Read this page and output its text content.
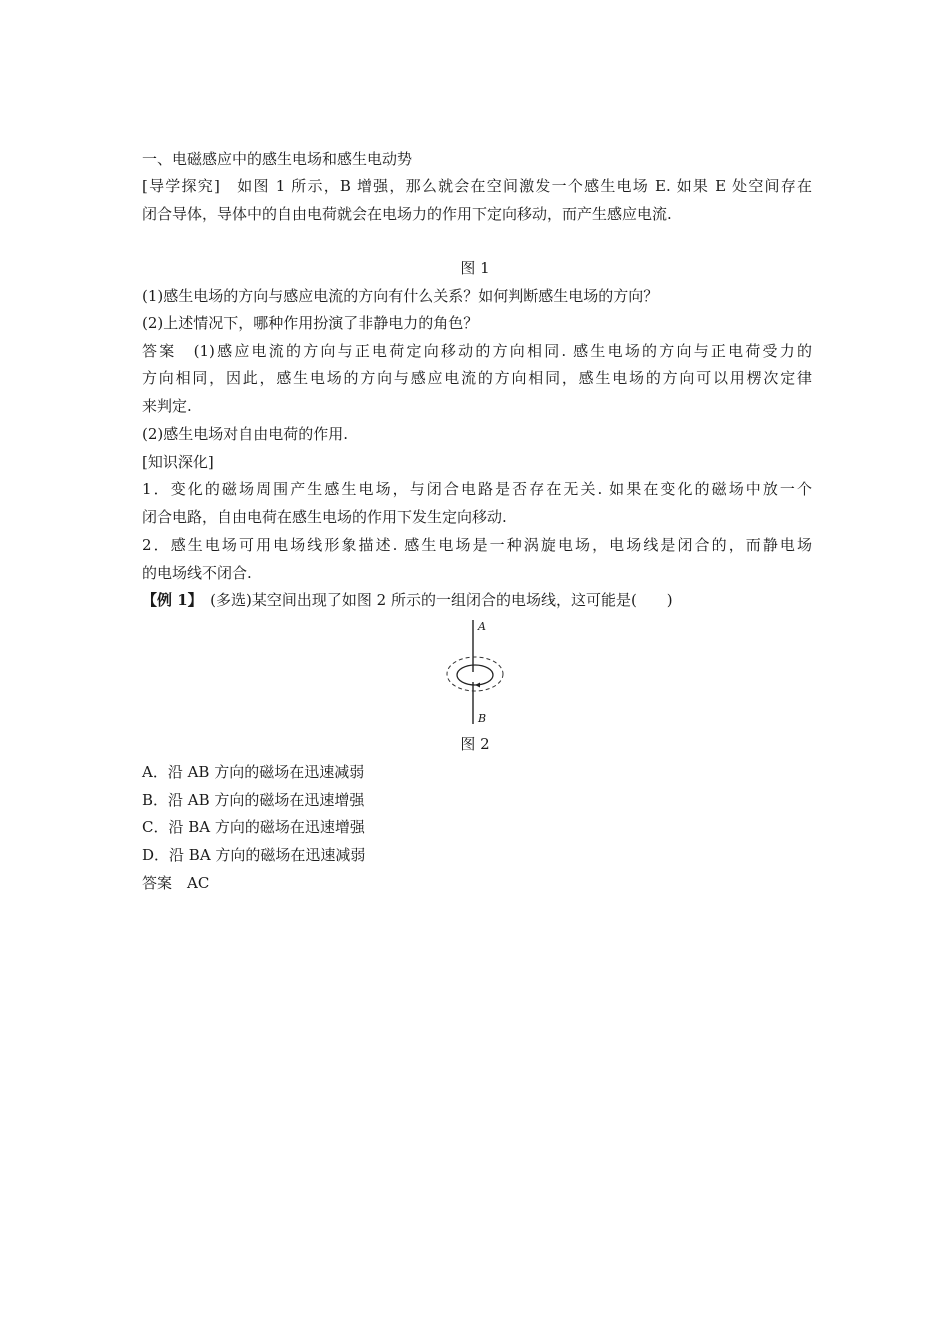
一、电磁感应中的感生电场和感生电动势
[导学探究]　如图 1 所示，B 增强，那么就会在空间激发一个感生电场 E. 如果 E 处空间存在
闭合导体，导体中的自由电荷就会在电场力的作用下定向移动，而产生感应电流.
图 1
(1)感生电场的方向与感应电流的方向有什么关系？如何判断感生电场的方向？
(2)上述情况下，哪种作用扮演了非静电力的角色？
答案　(1)感应电流的方向与正电荷定向移动的方向相同. 感生电场的方向与正电荷受力的
方向相同，因此，感生电场的方向与感应电流的方向相同，感生电场的方向可以用楞次定律
来判定.
(2)感生电场对自由电荷的作用.
[知识深化]
1．变化的磁场周围产生感生电场，与闭合电路是否存在无关. 如果在变化的磁场中放一个
闭合电路，自由电荷在感生电场的作用下发生定向移动.
2．感生电场可用电场线形象描述. 感生电场是一种涡旋电场，电场线是闭合的，而静电场
的电场线不闭合.
【例 1】　(多选)某空间出现了如图 2 所示的一组闭合的电场线，这可能是(　　)
A
B
图 2
A．沿 AB 方向的磁场在迅速减弱
B．沿 AB 方向的磁场在迅速增强
C．沿 BA 方向的磁场在迅速增强
D．沿 BA 方向的磁场在迅速减弱
答案　AC
